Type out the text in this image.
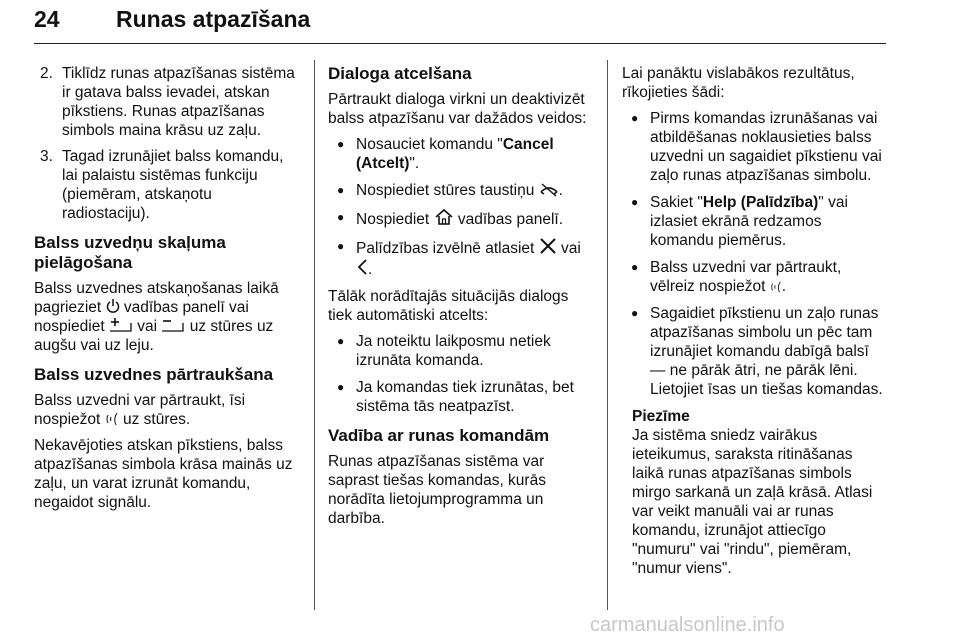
24 Runas atpazīšana
2. Tiklīdz runas atpazīšanas sistēma ir gatava balss ievadei, atskan pīkstiens. Runas atpazīšanas simbols maina krāsu uz zaļu.
3. Tagad izrunājiet balss komandu, lai palaistu sistēmas funkciju (piemēram, atskaņotu radiostaciju).
Balss uzvedņu skaļuma pielāgošana

Balss uzvednes atskaņošanas laikā pagrieziet vadības panelī vai nospiediet vai uz stūres uz augšu vai uz leju.

Balss uzvednes pārtraukšana

Balss uzvedni var pārtraukt, īsi nospiežot uz stūres.

Nekavējoties atskan pīkstiens, balss atpazīšanas simbola krāsa mainās uz zaļu, un varat izrunāt komandu, negaidot signālu.

Dialoga atcelšana

Pārtraukt dialoga virkni un deaktivizēt balss atpazīšanu var dažādos veidos:

● Nosauciet komandu "Cancel (Atcelt)".
● Nospiediet stūres taustiņu .
● Nospiediet vadības panelī.
● Palīdzības izvēlnē atlasiet vai .

Tālāk norādītajās situācijās dialogs tiek automātiski atcelts:

● Ja noteiktu laikposmu netiek izrunāta komanda.
● Ja komandas tiek izrunātas, bet sistēma tās neatpazīst.
Vadība ar runas komandām

Runas atpazīšanas sistēma var saprast tiešas komandas, kurās norādīta lietojumprogramma un darbība.

Lai panāktu vislabākos rezultātus, rīkojieties šādi:

● Pirms komandas izrunāšanas vai atbildēšanas noklausieties balss uzvedni un sagaidiet pīkstienu vai zaļo runas atpazīšanas simbolu.
● Sakiet "Help (Palīdzība)" vai izlasiet ekrānā redzamos komandu piemērus.
● Balss uzvedni var pārtraukt, vēlreiz nospiežot .
● Sagaidiet pīkstienu un zaļo runas atpazīšanas simbolu un pēc tam izrunājiet komandu dabīgā balsī — ne pārāk ātri, ne pārāk lēni. Lietojiet īsas un tiešas komandas.

Piezīme

Ja sistēma sniedz vairākus ieteikumus, saraksta ritināšanas laikā runas atpazīšanas simbols mirgo sarkanā un zaļā krāsā. Atlasi var veikt manuāli vai ar runas komandu, izrunājot attiecīgo "numuru" vai "rindu", piemēram, "numur viens".

carmanualsonline.info
